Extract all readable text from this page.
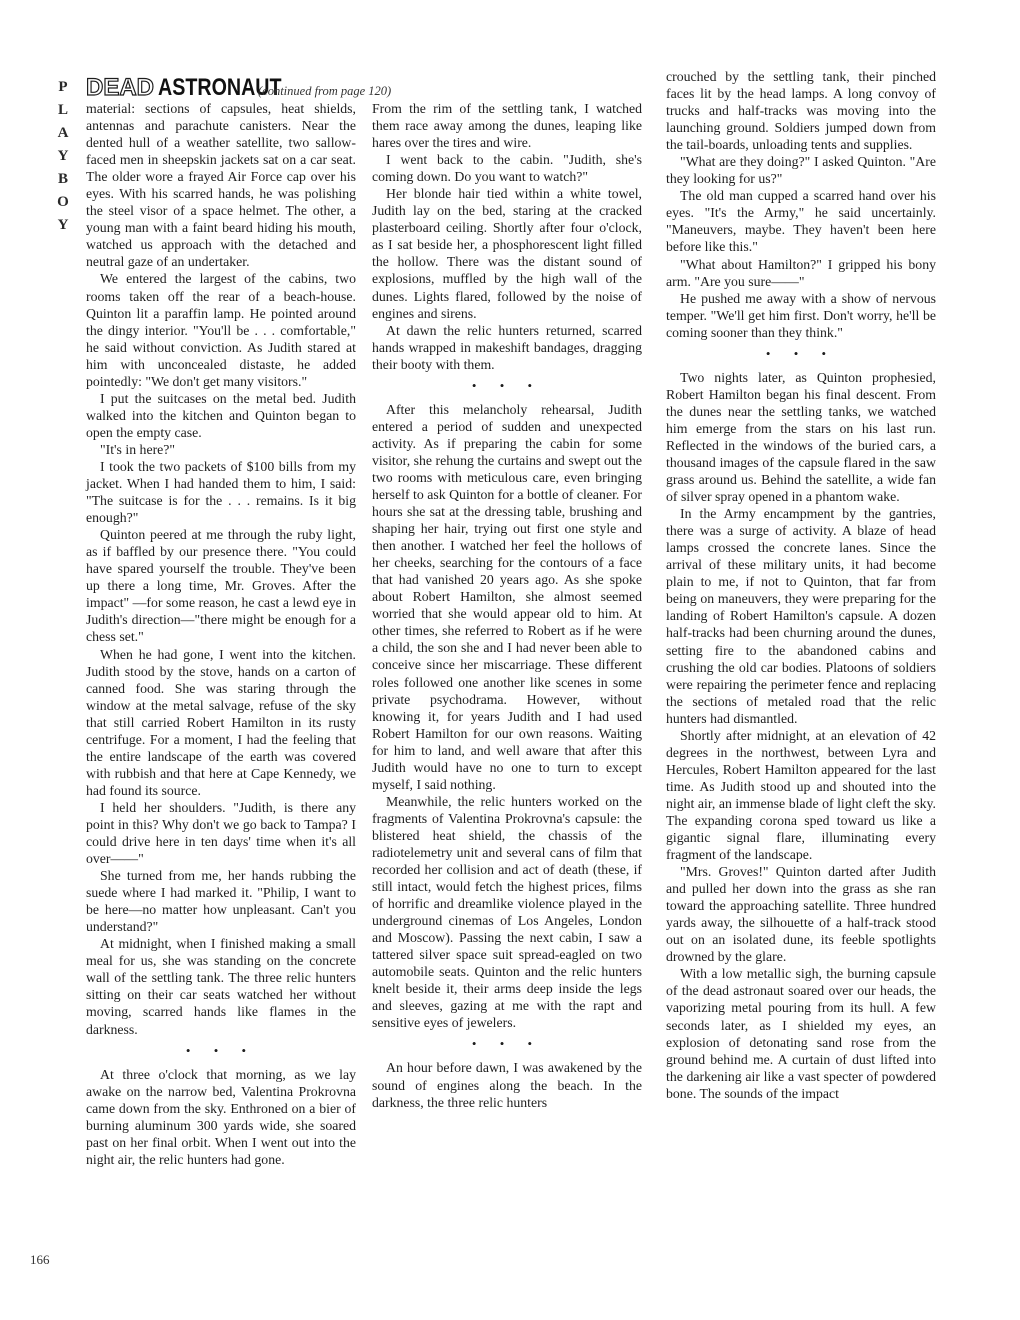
P
L
A
Y
B
O
Y
166
DEAD ASTRONAUT
(continued from page 120)

material: sections of capsules, heat shields, antennas and parachute canisters. Near the dented hull of a weather satellite, two sallow-faced men in sheepskin jackets sat on a car seat. The older wore a frayed Air Force cap over his eyes. With his scarred hands, he was polishing the steel visor of a space helmet. The other, a young man with a faint beard hiding his mouth, watched us approach with the detached and neutral gaze of an undertaker.

We entered the largest of the cabins, two rooms taken off the rear of a beach-house. Quinton lit a paraffin lamp. He pointed around the dingy interior. "You'll be . . . comfortable," he said without conviction. As Judith stared at him with unconcealed distaste, he added pointedly: "We don't get many visitors."

I put the suitcases on the metal bed. Judith walked into the kitchen and Quinton began to open the empty case.

"It's in here?"

I took the two packets of $100 bills from my jacket. When I had handed them to him, I said: "The suitcase is for the . . . remains. Is it big enough?"

Quinton peered at me through the ruby light, as if baffled by our presence there. "You could have spared yourself the trouble. They've been up there a long time, Mr. Groves. After the impact" —for some reason, he cast a lewd eye in Judith's direction—"there might be enough for a chess set."

When he had gone, I went into the kitchen. Judith stood by the stove, hands on a carton of canned food. She was staring through the window at the metal salvage, refuse of the sky that still carried Robert Hamilton in its rusty centrifuge. For a moment, I had the feeling that the entire landscape of the earth was covered with rubbish and that here at Cape Kennedy, we had found its source.

I held her shoulders. "Judith, is there any point in this? Why don't we go back to Tampa? I could drive here in ten days' time when it's all over——"

She turned from me, her hands rubbing the suede where I had marked it. "Philip, I want to be here—no matter how unpleasant. Can't you understand?"

At midnight, when I finished making a small meal for us, she was standing on the concrete wall of the settling tank. The three relic hunters sitting on their car seats watched her without moving, scarred hands like flames in the darkness.

• • •

At three o'clock that morning, as we lay awake on the narrow bed, Valentina Prokrovna came down from the sky. Enthroned on a bier of burning aluminum 300 yards wide, she soared past on her final orbit. When I went out into the night air, the relic hunters had gone.

From the rim of the settling tank, I watched them race away among the dunes, leaping like hares over the tires and wire.

I went back to the cabin. "Judith, she's coming down. Do you want to watch?"

Her blonde hair tied within a white towel, Judith lay on the bed, staring at the cracked plasterboard ceiling. Shortly after four o'clock, as I sat beside her, a phosphorescent light filled the hollow. There was the distant sound of explosions, muffled by the high wall of the dunes. Lights flared, followed by the noise of engines and sirens.

At dawn the relic hunters returned, scarred hands wrapped in makeshift bandages, dragging their booty with them.

• • •

After this melancholy rehearsal, Judith entered a period of sudden and unexpected activity. As if preparing the cabin for some visitor, she rehung the curtains and swept out the two rooms with meticulous care, even bringing herself to ask Quinton for a bottle of cleaner. For hours she sat at the dressing table, brushing and shaping her hair, trying out first one style and then another. I watched her feel the hollows of her cheeks, searching for the contours of a face that had vanished 20 years ago. As she spoke about Robert Hamilton, she almost seemed worried that she would appear old to him. At other times, she referred to Robert as if he were a child, the son she and I had never been able to conceive since her miscarriage. These different roles followed one another like scenes in some private psychodrama. However, without knowing it, for years Judith and I had used Robert Hamilton for our own reasons. Waiting for him to land, and well aware that after this Judith would have no one to turn to except myself, I said nothing.

Meanwhile, the relic hunters worked on the fragments of Valentina Prokrovna's capsule: the blistered heat shield, the chassis of the radiotelemetry unit and several cans of film that recorded her collision and act of death (these, if still intact, would fetch the highest prices, films of horrific and dreamlike violence played in the underground cinemas of Los Angeles, London and Moscow). Passing the next cabin, I saw a tattered silver space suit spread-eagled on two automobile seats. Quinton and the relic hunters knelt beside it, their arms deep inside the legs and sleeves, gazing at me with the rapt and sensitive eyes of jewelers.

• • •

An hour before dawn, I was awakened by the sound of engines along the beach. In the darkness, the three relic hunters

crouched by the settling tank, their pinched faces lit by the head lamps. A long convoy of trucks and half-tracks was moving into the launching ground. Soldiers jumped down from the tail-boards, unloading tents and supplies.

"What are they doing?" I asked Quinton. "Are they looking for us?"

The old man cupped a scarred hand over his eyes. "It's the Army," he said uncertainly. "Maneuvers, maybe. They haven't been here before like this."

"What about Hamilton?" I gripped his bony arm. "Are you sure——"

He pushed me away with a show of nervous temper. "We'll get him first. Don't worry, he'll be coming sooner than they think."

• • •

Two nights later, as Quinton prophesied, Robert Hamilton began his final descent. From the dunes near the settling tanks, we watched him emerge from the stars on his last run. Reflected in the windows of the buried cars, a thousand images of the capsule flared in the saw grass around us. Behind the satellite, a wide fan of silver spray opened in a phantom wake.

In the Army encampment by the gantries, there was a surge of activity. A blaze of head lamps crossed the concrete lanes. Since the arrival of these military units, it had become plain to me, if not to Quinton, that far from being on maneuvers, they were preparing for the landing of Robert Hamilton's capsule. A dozen half-tracks had been churning around the dunes, setting fire to the abandoned cabins and crushing the old car bodies. Platoons of soldiers were repairing the perimeter fence and replacing the sections of metaled road that the relic hunters had dismantled.

Shortly after midnight, at an elevation of 42 degrees in the northwest, between Lyra and Hercules, Robert Hamilton appeared for the last time. As Judith stood up and shouted into the night air, an immense blade of light cleft the sky. The expanding corona sped toward us like a gigantic signal flare, illuminating every fragment of the landscape.

"Mrs. Groves!" Quinton darted after Judith and pulled her down into the grass as she ran toward the approaching satellite. Three hundred yards away, the silhouette of a half-track stood out on an isolated dune, its feeble spotlights drowned by the glare.

With a low metallic sigh, the burning capsule of the dead astronaut soared over our heads, the vaporizing metal pouring from its hull. A few seconds later, as I shielded my eyes, an explosion of detonating sand rose from the ground behind me. A curtain of dust lifted into the darkening air like a vast specter of powdered bone. The sounds of the impact
